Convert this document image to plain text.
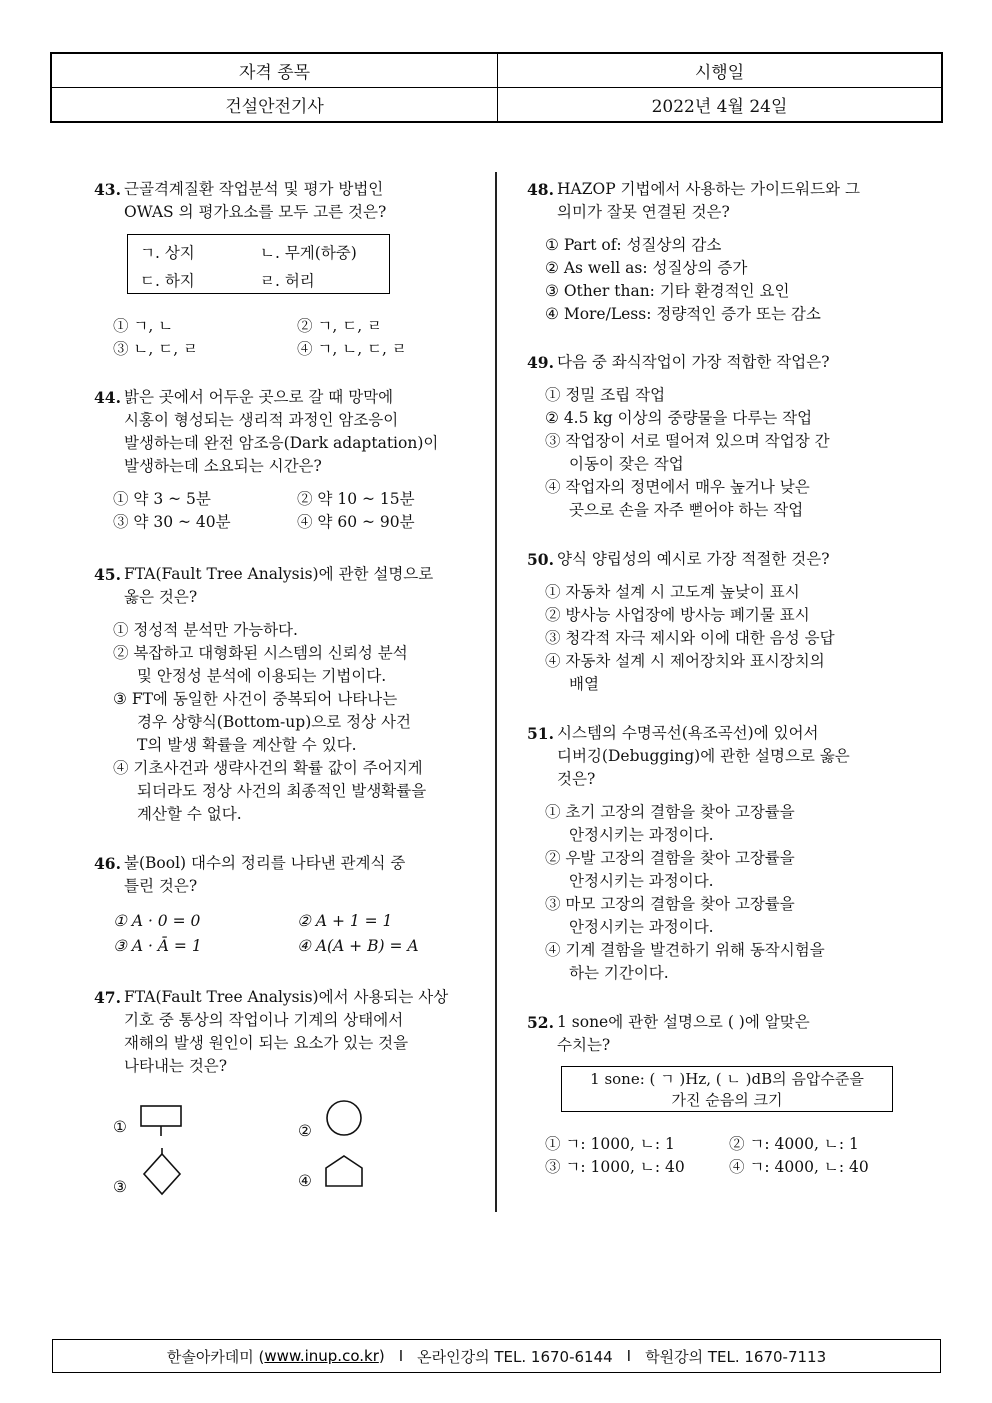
자격 종목	시행일
건설안전기사	2022년 4월 24일
43. 근골격계질환 작업분석 및 평가 방법인
OWAS 의 평가요소를 모두 고른 것은?
ㄱ. 상지	ㄴ. 무게(하중)
ㄷ. 하지	ㄹ. 허리
① ㄱ, ㄴ	② ㄱ, ㄷ, ㄹ
③ ㄴ, ㄷ, ㄹ	④ ㄱ, ㄴ, ㄷ, ㄹ
44. 밝은 곳에서 어두운 곳으로 갈 때 망막에
시홍이 형성되는 생리적 과정인 암조응이
발생하는데 완전 암조응(Dark adaptation)이
발생하는데 소요되는 시간은?
① 약 3 ~ 5분	② 약 10 ~ 15분
③ 약 30 ~ 40분	④ 약 60 ~ 90분
45. FTA(Fault Tree Analysis)에 관한 설명으로
옳은 것은?
① 정성적 분석만 가능하다.
② 복잡하고 대형화된 시스템의 신뢰성 분석
및 안정성 분석에 이용되는 기법이다.
③ FT에 동일한 사건이 중복되어 나타나는
경우 상향식(Bottom-up)으로 정상 사건
T의 발생 확률을 계산할 수 있다.
④ 기초사건과 생략사건의 확률 값이 주어지게
되더라도 정상 사건의 최종적인 발생확률을
계산할 수 없다.
46. 불(Bool) 대수의 정리를 나타낸 관계식 중
틀린 것은?
① A · 0 = 0	② A + 1 = 1
③ A · Ā = 1	④ A(A + B) = A
47. FTA(Fault Tree Analysis)에서 사용되는 사상
기호 중 통상의 작업이나 기계의 상태에서
재해의 발생 원인이 되는 요소가 있는 것을
나타내는 것은?
①	②
③	④
48. HAZOP 기법에서 사용하는 가이드워드와 그
의미가 잘못 연결된 것은?
① Part of: 성질상의 감소
② As well as: 성질상의 증가
③ Other than: 기타 환경적인 요인
④ More/Less: 정량적인 증가 또는 감소
49. 다음 중 좌식작업이 가장 적합한 작업은?
① 정밀 조립 작업
② 4.5 kg 이상의 중량물을 다루는 작업
③ 작업장이 서로 떨어져 있으며 작업장 간
이동이 잦은 작업
④ 작업자의 정면에서 매우 높거나 낮은
곳으로 손을 자주 뻗어야 하는 작업
50. 양식 양립성의 예시로 가장 적절한 것은?
① 자동차 설계 시 고도계 높낮이 표시
② 방사능 사업장에 방사능 폐기물 표시
③ 청각적 자극 제시와 이에 대한 음성 응답
④ 자동차 설계 시 제어장치와 표시장치의
배열
51. 시스템의 수명곡선(욕조곡선)에 있어서
디버깅(Debugging)에 관한 설명으로 옳은
것은?
① 초기 고장의 결함을 찾아 고장률을
안정시키는 과정이다.
② 우발 고장의 결함을 찾아 고장률을
안정시키는 과정이다.
③ 마모 고장의 결함을 찾아 고장률을
안정시키는 과정이다.
④ 기계 결함을 발견하기 위해 동작시험을
하는 기간이다.
52. 1 sone에 관한 설명으로 ( )에 알맞은
수치는?
1 sone: ( ㄱ )Hz, ( ㄴ )dB의 음압수준을
가진 순음의 크기
① ㄱ: 1000, ㄴ: 1	② ㄱ: 4000, ㄴ: 1
③ ㄱ: 1000, ㄴ: 40	④ ㄱ: 4000, ㄴ: 40
한솔아카데미 ( www.inup.co.kr ) I 온라인강의 TEL. 1670-6144 I 학원강의 TEL. 1670-7113
